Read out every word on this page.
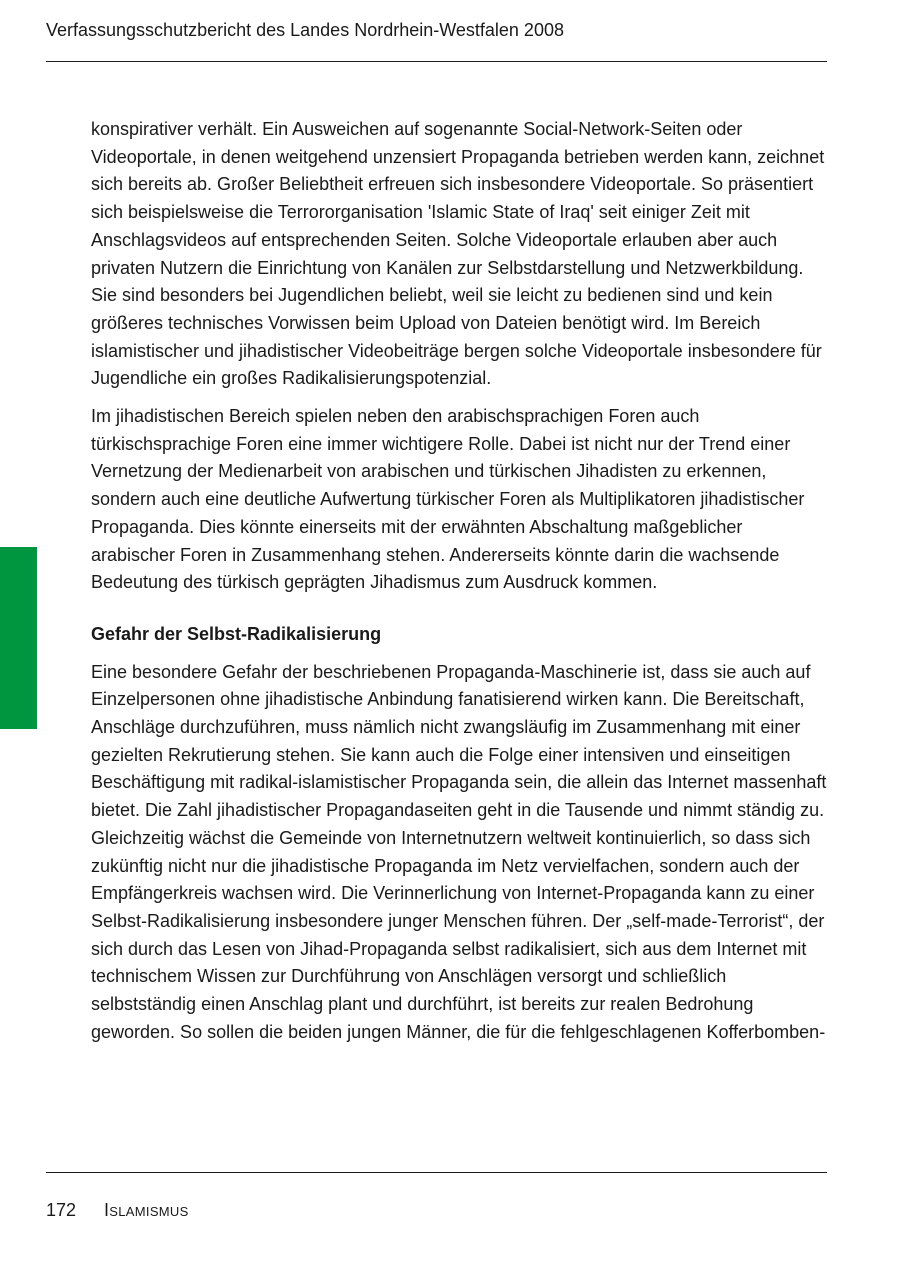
Verfassungsschutzbericht des Landes Nordrhein-Westfalen 2008

konspirativer verhält. Ein Ausweichen auf sogenannte Social-Network-Seiten oder Videoportale, in denen weitgehend unzensiert Propaganda betrieben werden kann, zeichnet sich bereits ab. Großer Beliebtheit erfreuen sich insbesondere Videoportale. So präsentiert sich beispielsweise die Terrororganisation 'Islamic State of Iraq' seit einiger Zeit mit Anschlagsvideos auf entsprechenden Seiten. Solche Videoportale erlauben aber auch privaten Nutzern die Einrichtung von Kanälen zur Selbstdarstellung und Netzwerkbildung. Sie sind besonders bei Jugendlichen beliebt, weil sie leicht zu bedienen sind und kein größeres technisches Vorwissen beim Upload von Dateien benötigt wird. Im Bereich islamistischer und jihadistischer Videobeiträge bergen solche Videoportale insbesondere für Jugendliche ein großes Radikalisierungspotenzial.

Im jihadistischen Bereich spielen neben den arabischsprachigen Foren auch türkischsprachige Foren eine immer wichtigere Rolle. Dabei ist nicht nur der Trend einer Vernetzung der Medienarbeit von arabischen und türkischen Jihadisten zu erkennen, sondern auch eine deutliche Aufwertung türkischer Foren als Multiplikatoren jihadistischer Propaganda. Dies könnte einerseits mit der erwähnten Abschaltung maßgeblicher arabischer Foren in Zusammenhang stehen. Andererseits könnte darin die wachsende Bedeutung des türkisch geprägten Jihadismus zum Ausdruck kommen.

Gefahr der Selbst-Radikalisierung

Eine besondere Gefahr der beschriebenen Propaganda-Maschinerie ist, dass sie auch auf Einzelpersonen ohne jihadistische Anbindung fanatisierend wirken kann. Die Bereitschaft, Anschläge durchzuführen, muss nämlich nicht zwangsläufig im Zusammenhang mit einer gezielten Rekrutierung stehen. Sie kann auch die Folge einer intensiven und einseitigen Beschäftigung mit radikal-islamistischer Propaganda sein, die allein das Internet massenhaft bietet. Die Zahl jihadistischer Propagandaseiten geht in die Tausende und nimmt ständig zu. Gleichzeitig wächst die Gemeinde von Internetnutzern weltweit kontinuierlich, so dass sich zukünftig nicht nur die jihadistische Propaganda im Netz vervielfachen, sondern auch der Empfängerkreis wachsen wird. Die Verinnerlichung von Internet-Propaganda kann zu einer Selbst-Radikalisierung insbesondere junger Menschen führen. Der „self-made-Terrorist“, der sich durch das Lesen von Jihad-Propaganda selbst radikalisiert, sich aus dem Internet mit technischem Wissen zur Durchführung von Anschlägen versorgt und schließlich selbstständig einen Anschlag plant und durchführt, ist bereits zur realen Bedrohung geworden. So sollen die beiden jungen Männer, die für die fehlgeschlagenen Kofferbomben-

172 Islamismus
